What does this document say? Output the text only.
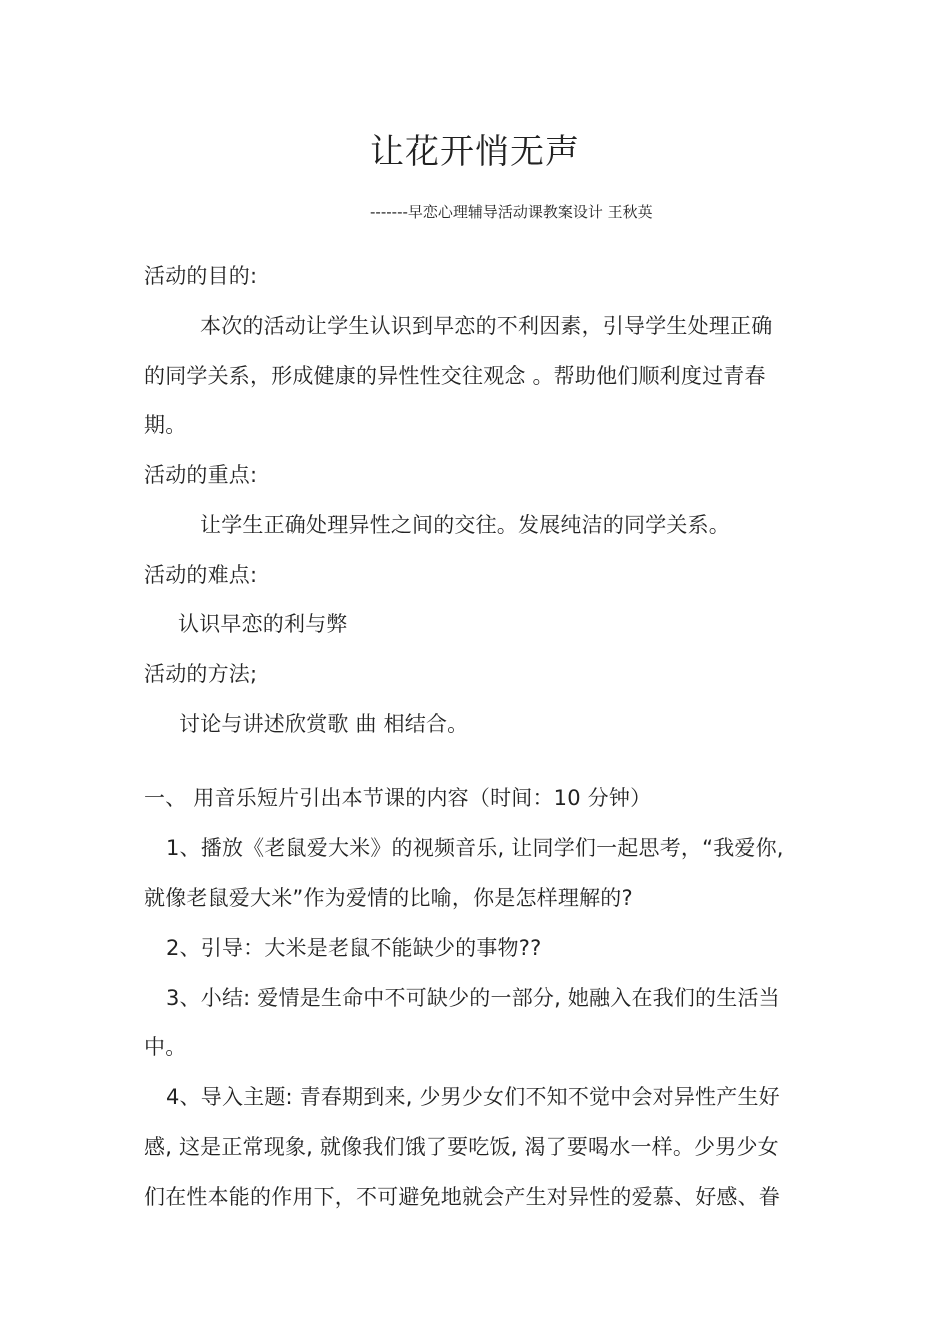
让花开悄无声
-------早恋心理辅导活动课教案设计 王秋英
活动的目的:
本次的活动让学生认识到早恋的不利因素，引导学生处理正确
的同学关系，形成健康的异性性交往观念 。帮助他们顺利度过青春
期。
活动的重点:
让学生正确处理异性之间的交往。发展纯洁的同学关系。
活动的难点:
认识早恋的利与弊
活动的方法;
讨论与讲述欣赏歌 曲 相结合。
一、 用音乐短片引出本节课的内容（时间：10 分钟）
1、播放《老鼠爱大米》的视频音乐, 让同学们一起思考，“我爱你,
就像老鼠爱大米”作为爱情的比喻，你是怎样理解的?
2、引导：大米是老鼠不能缺少的事物??
3、小结: 爱情是生命中不可缺少的一部分, 她融入在我们的生活当
中。
4、导入主题: 青春期到来, 少男少女们不知不觉中会对异性产生好
感, 这是正常现象, 就像我们饿了要吃饭, 渴了要喝水一样。少男少女
们在性本能的作用下，不可避免地就会产生对异性的爱慕、好感、眷
